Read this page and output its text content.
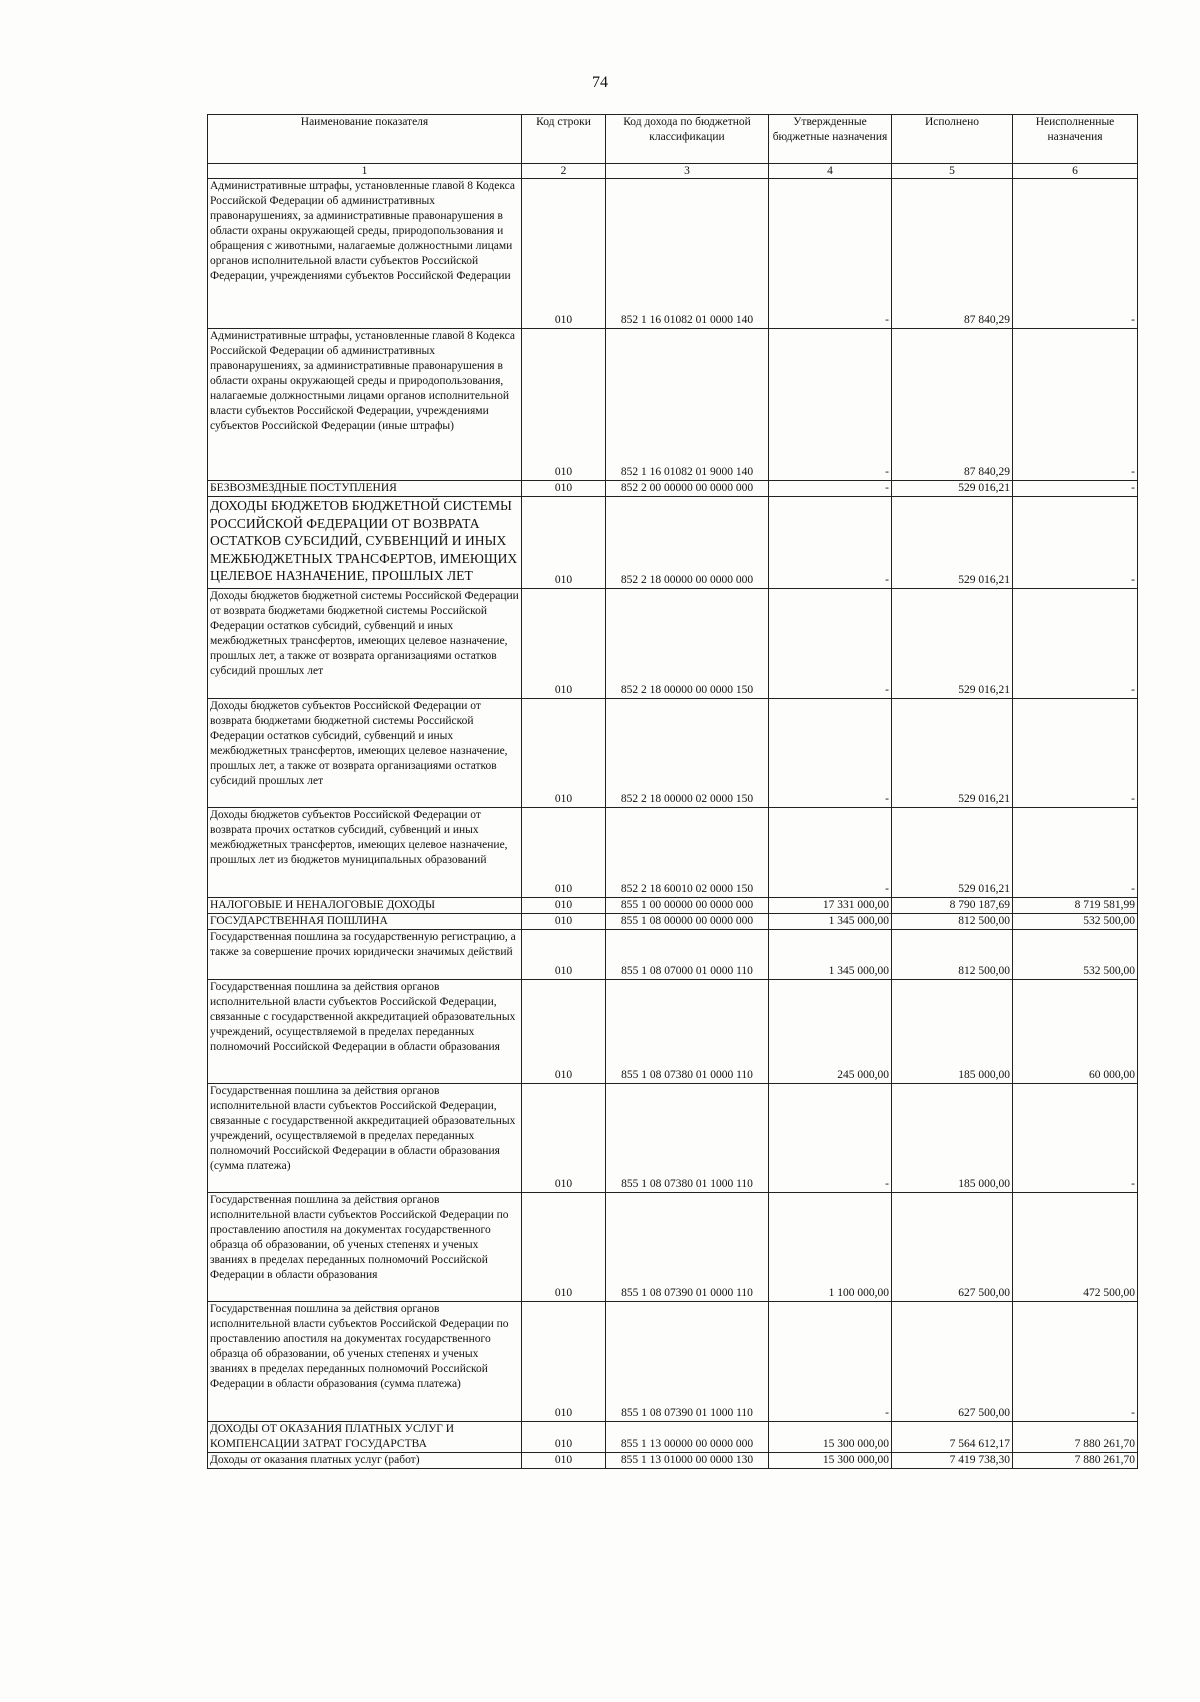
74
Наименование показателя	Код строки	Код дохода по бюджетной классификации	Утвержденные бюджетные назначения	Исполнено	Неисполненные назначения
1	2	3	4	5	6
Административные штрафы, установленные главой 8 Кодекса Российской Федерации об административных правонарушениях, за административные правонарушения в области охраны окружающей среды, природопользования и обращения с животными, налагаемые должностными лицами органов исполнительной власти субъектов Российской Федерации, учреждениями субъектов Российской Федерации	010	852 1 16 01082 01 0000 140	-	87 840,29	-
Административные штрафы, установленные главой 8 Кодекса Российской Федерации об административных правонарушениях, за административные правонарушения в области охраны окружающей среды и природопользования, налагаемые должностными лицами органов исполнительной власти субъектов Российской Федерации, учреждениями субъектов Российской Федерации (иные штрафы)	010	852 1 16 01082 01 9000 140	-	87 840,29	-
БЕЗВОЗМЕЗДНЫЕ ПОСТУПЛЕНИЯ	010	852 2 00 00000 00 0000 000	-	529 016,21	-
ДОХОДЫ БЮДЖЕТОВ БЮДЖЕТНОЙ СИСТЕМЫ РОССИЙСКОЙ ФЕДЕРАЦИИ ОТ ВОЗВРАТА ОСТАТКОВ СУБСИДИЙ, СУБВЕНЦИЙ И ИНЫХ МЕЖБЮДЖЕТНЫХ ТРАНСФЕРТОВ, ИМЕЮЩИХ ЦЕЛЕВОЕ НАЗНАЧЕНИЕ, ПРОШЛЫХ ЛЕТ	010	852 2 18 00000 00 0000 000	-	529 016,21	-
Доходы бюджетов бюджетной системы Российской Федерации от возврата бюджетами бюджетной системы Российской Федерации остатков субсидий, субвенций и иных межбюджетных трансфертов, имеющих целевое назначение, прошлых лет, а также от возврата организациями остатков субсидий прошлых лет	010	852 2 18 00000 00 0000 150	-	529 016,21	-
Доходы бюджетов субъектов Российской Федерации от возврата бюджетами бюджетной системы Российской Федерации остатков субсидий, субвенций и иных межбюджетных трансфертов, имеющих целевое назначение, прошлых лет, а также от возврата организациями остатков субсидий прошлых лет	010	852 2 18 00000 02 0000 150	-	529 016,21	-
Доходы бюджетов субъектов Российской Федерации от возврата прочих остатков субсидий, субвенций и иных межбюджетных трансфертов, имеющих целевое назначение, прошлых лет из бюджетов муниципальных образований	010	852 2 18 60010 02 0000 150	-	529 016,21	-
НАЛОГОВЫЕ И НЕНАЛОГОВЫЕ ДОХОДЫ	010	855 1 00 00000 00 0000 000	17 331 000,00	8 790 187,69	8 719 581,99
ГОСУДАРСТВЕННАЯ ПОШЛИНА	010	855 1 08 00000 00 0000 000	1 345 000,00	812 500,00	532 500,00
Государственная пошлина за государственную регистрацию, а также за совершение прочих юридически значимых действий	010	855 1 08 07000 01 0000 110	1 345 000,00	812 500,00	532 500,00
Государственная пошлина за действия органов исполнительной власти субъектов Российской Федерации, связанные с государственной аккредитацией образовательных учреждений, осуществляемой в пределах переданных полномочий Российской Федерации в области образования	010	855 1 08 07380 01 0000 110	245 000,00	185 000,00	60 000,00
Государственная пошлина за действия органов исполнительной власти субъектов Российской Федерации, связанные с государственной аккредитацией образовательных учреждений, осуществляемой в пределах переданных полномочий Российской Федерации в области образования (сумма платежа)	010	855 1 08 07380 01 1000 110	-	185 000,00	-
Государственная пошлина за действия органов исполнительной власти субъектов Российской Федерации по проставлению апостиля на документах государственного образца об образовании, об ученых степенях и ученых званиях в пределах переданных полномочий Российской Федерации в области образования	010	855 1 08 07390 01 0000 110	1 100 000,00	627 500,00	472 500,00
Государственная пошлина за действия органов исполнительной власти субъектов Российской Федерации по проставлению апостиля на документах государственного образца об образовании, об ученых степенях и ученых званиях в пределах переданных полномочий Российской Федерации в области образования (сумма платежа)	010	855 1 08 07390 01 1000 110	-	627 500,00	-
ДОХОДЫ ОТ ОКАЗАНИЯ ПЛАТНЫХ УСЛУГ И КОМПЕНСАЦИИ ЗАТРАТ ГОСУДАРСТВА	010	855 1 13 00000 00 0000 000	15 300 000,00	7 564 612,17	7 880 261,70
Доходы от оказания платных услуг (работ)	010	855 1 13 01000 00 0000 130	15 300 000,00	7 419 738,30	7 880 261,70
